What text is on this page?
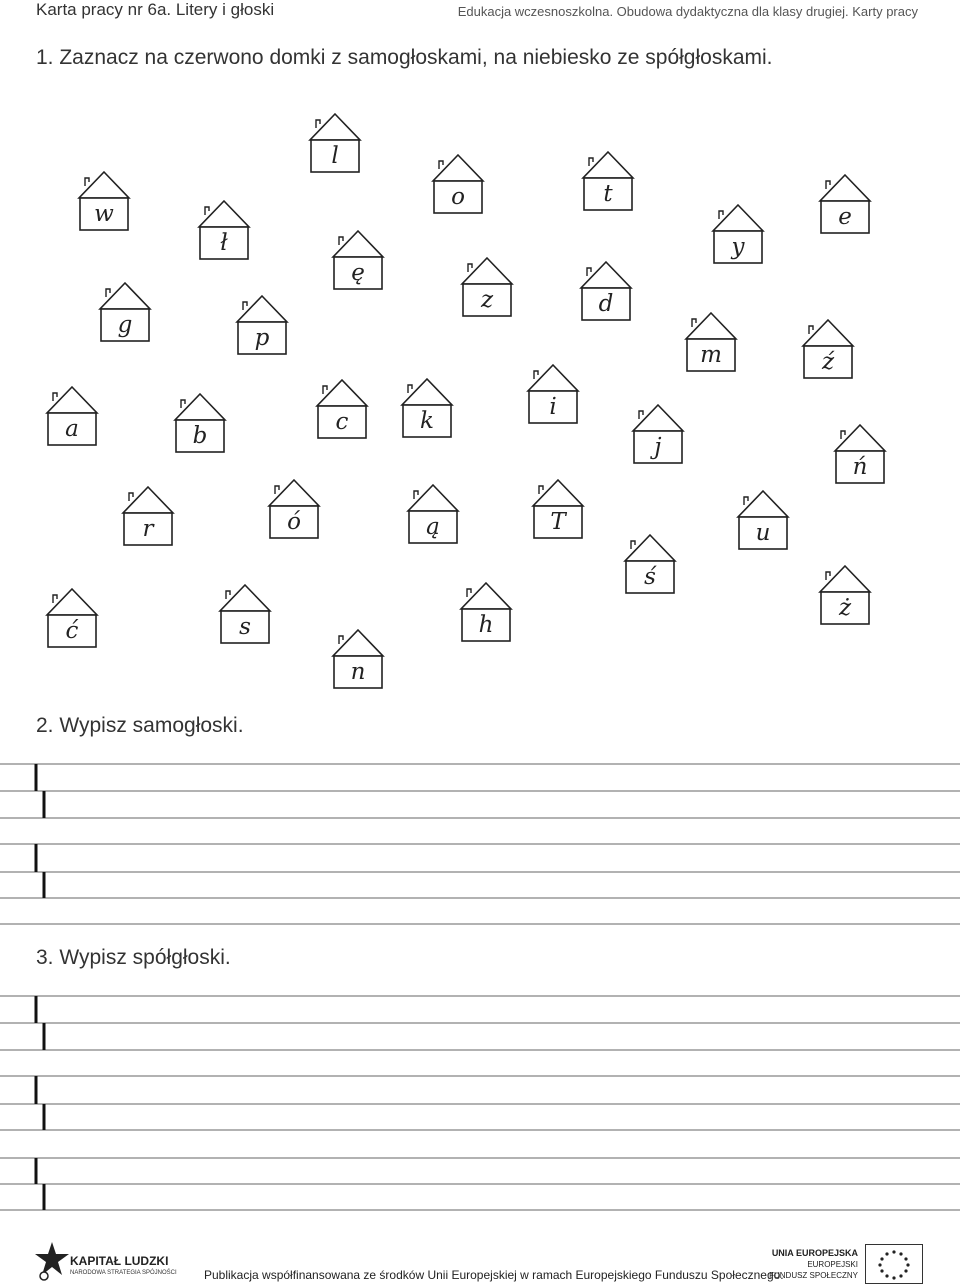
Karta pracy nr 6a. Litery i głoski	Edukacja wczesnoszkolna. Obudowa dydaktyczna dla klasy drugiej. Karty pracy
1. Zaznacz na czerwono domki z samogłoskami, na niebiesko ze spółgłoskami.
w
ł
g	p
l
ę
o
z
t
d
y
e
m	ź
a	b
c	k
i
j
ń
r	ó	ą	T	u
ś
ć	s	h
ż
n
2. Wypisz samogłoski.
3. Wypisz spółgłoski.
KAPITAŁ LUDZKI
NARODOWA STRATEGIA SPÓJNOŚCI Publikacja współfinansowana ze środków Unii Europejskiej w ramach Europejskiego Funduszu Społecznego.
UNIA EUROPEJSKA
EUROPEJSKI
FUNDUSZ SPOŁECZNY
